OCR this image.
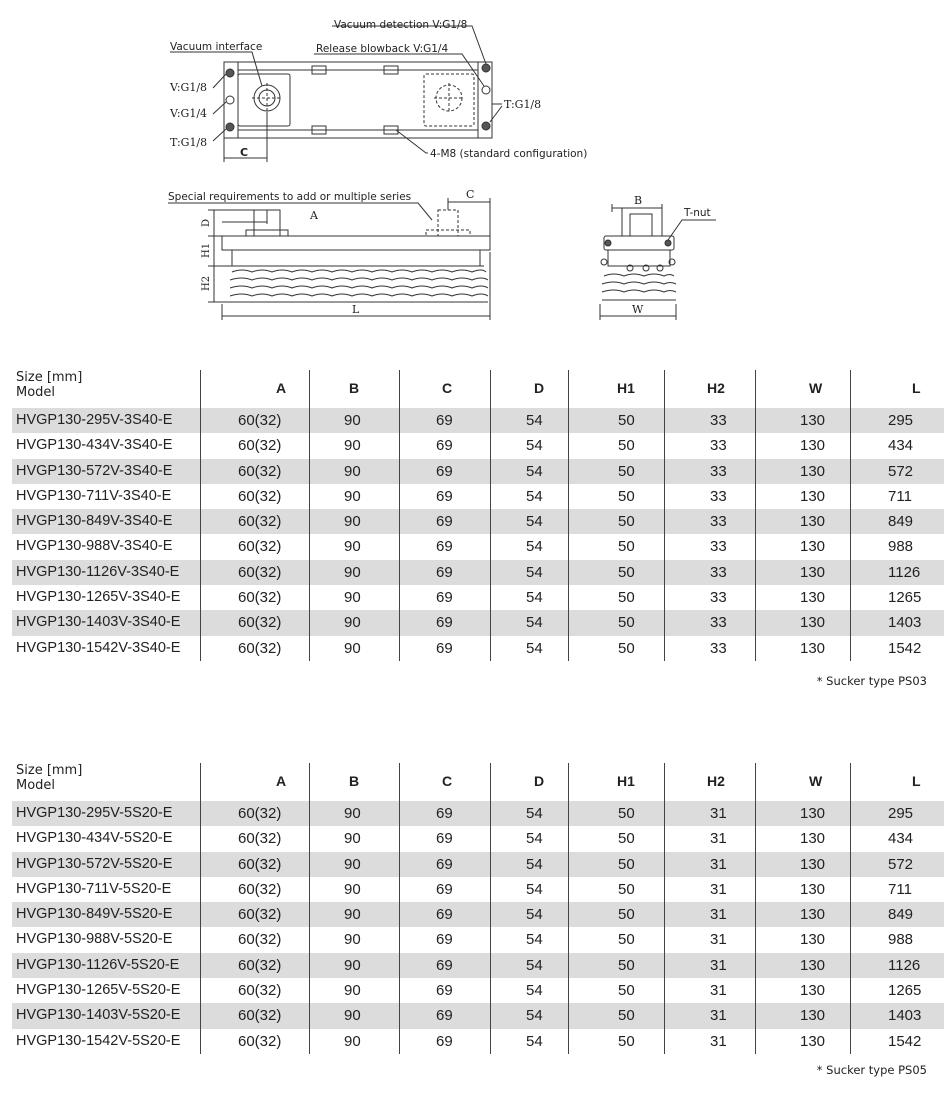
Vacuum detection V:G1/8
Release blowback V:G1/4
Vacuum interface
V:G1/8
V:G1/4
T:G1/8
T:G1/8
C	4-M8 (standard configuration)
Special requirements to add or multiple series	C
A
D
H1
H2
L
B
T-nut
W
Size [mm]
Model	A	B	C	D	H1	H2	W	L
HVGP130-295V-3S40-E	60(32)	90	69	54	50	33	130	295
HVGP130-434V-3S40-E	60(32)	90	69	54	50	33	130	434
HVGP130-572V-3S40-E	60(32)	90	69	54	50	33	130	572
HVGP130-711V-3S40-E	60(32)	90	69	54	50	33	130	711
HVGP130-849V-3S40-E	60(32)	90	69	54	50	33	130	849
HVGP130-988V-3S40-E	60(32)	90	69	54	50	33	130	988
HVGP130-1126V-3S40-E	60(32)	90	69	54	50	33	130	1126
HVGP130-1265V-3S40-E	60(32)	90	69	54	50	33	130	1265
HVGP130-1403V-3S40-E	60(32)	90	69	54	50	33	130	1403
HVGP130-1542V-3S40-E	60(32)	90	69	54	50	33	130	1542
* Sucker type PS03
Size [mm]
Model	A	B	C	D	H1	H2	W	L
HVGP130-295V-5S20-E	60(32)	90	69	54	50	31	130	295
HVGP130-434V-5S20-E	60(32)	90	69	54	50	31	130	434
HVGP130-572V-5S20-E	60(32)	90	69	54	50	31	130	572
HVGP130-711V-5S20-E	60(32)	90	69	54	50	31	130	711
HVGP130-849V-5S20-E	60(32)	90	69	54	50	31	130	849
HVGP130-988V-5S20-E	60(32)	90	69	54	50	31	130	988
HVGP130-1126V-5S20-E	60(32)	90	69	54	50	31	130	1126
HVGP130-1265V-5S20-E	60(32)	90	69	54	50	31	130	1265
HVGP130-1403V-5S20-E	60(32)	90	69	54	50	31	130	1403
HVGP130-1542V-5S20-E	60(32)	90	69	54	50	31	130	1542
* Sucker type PS05
